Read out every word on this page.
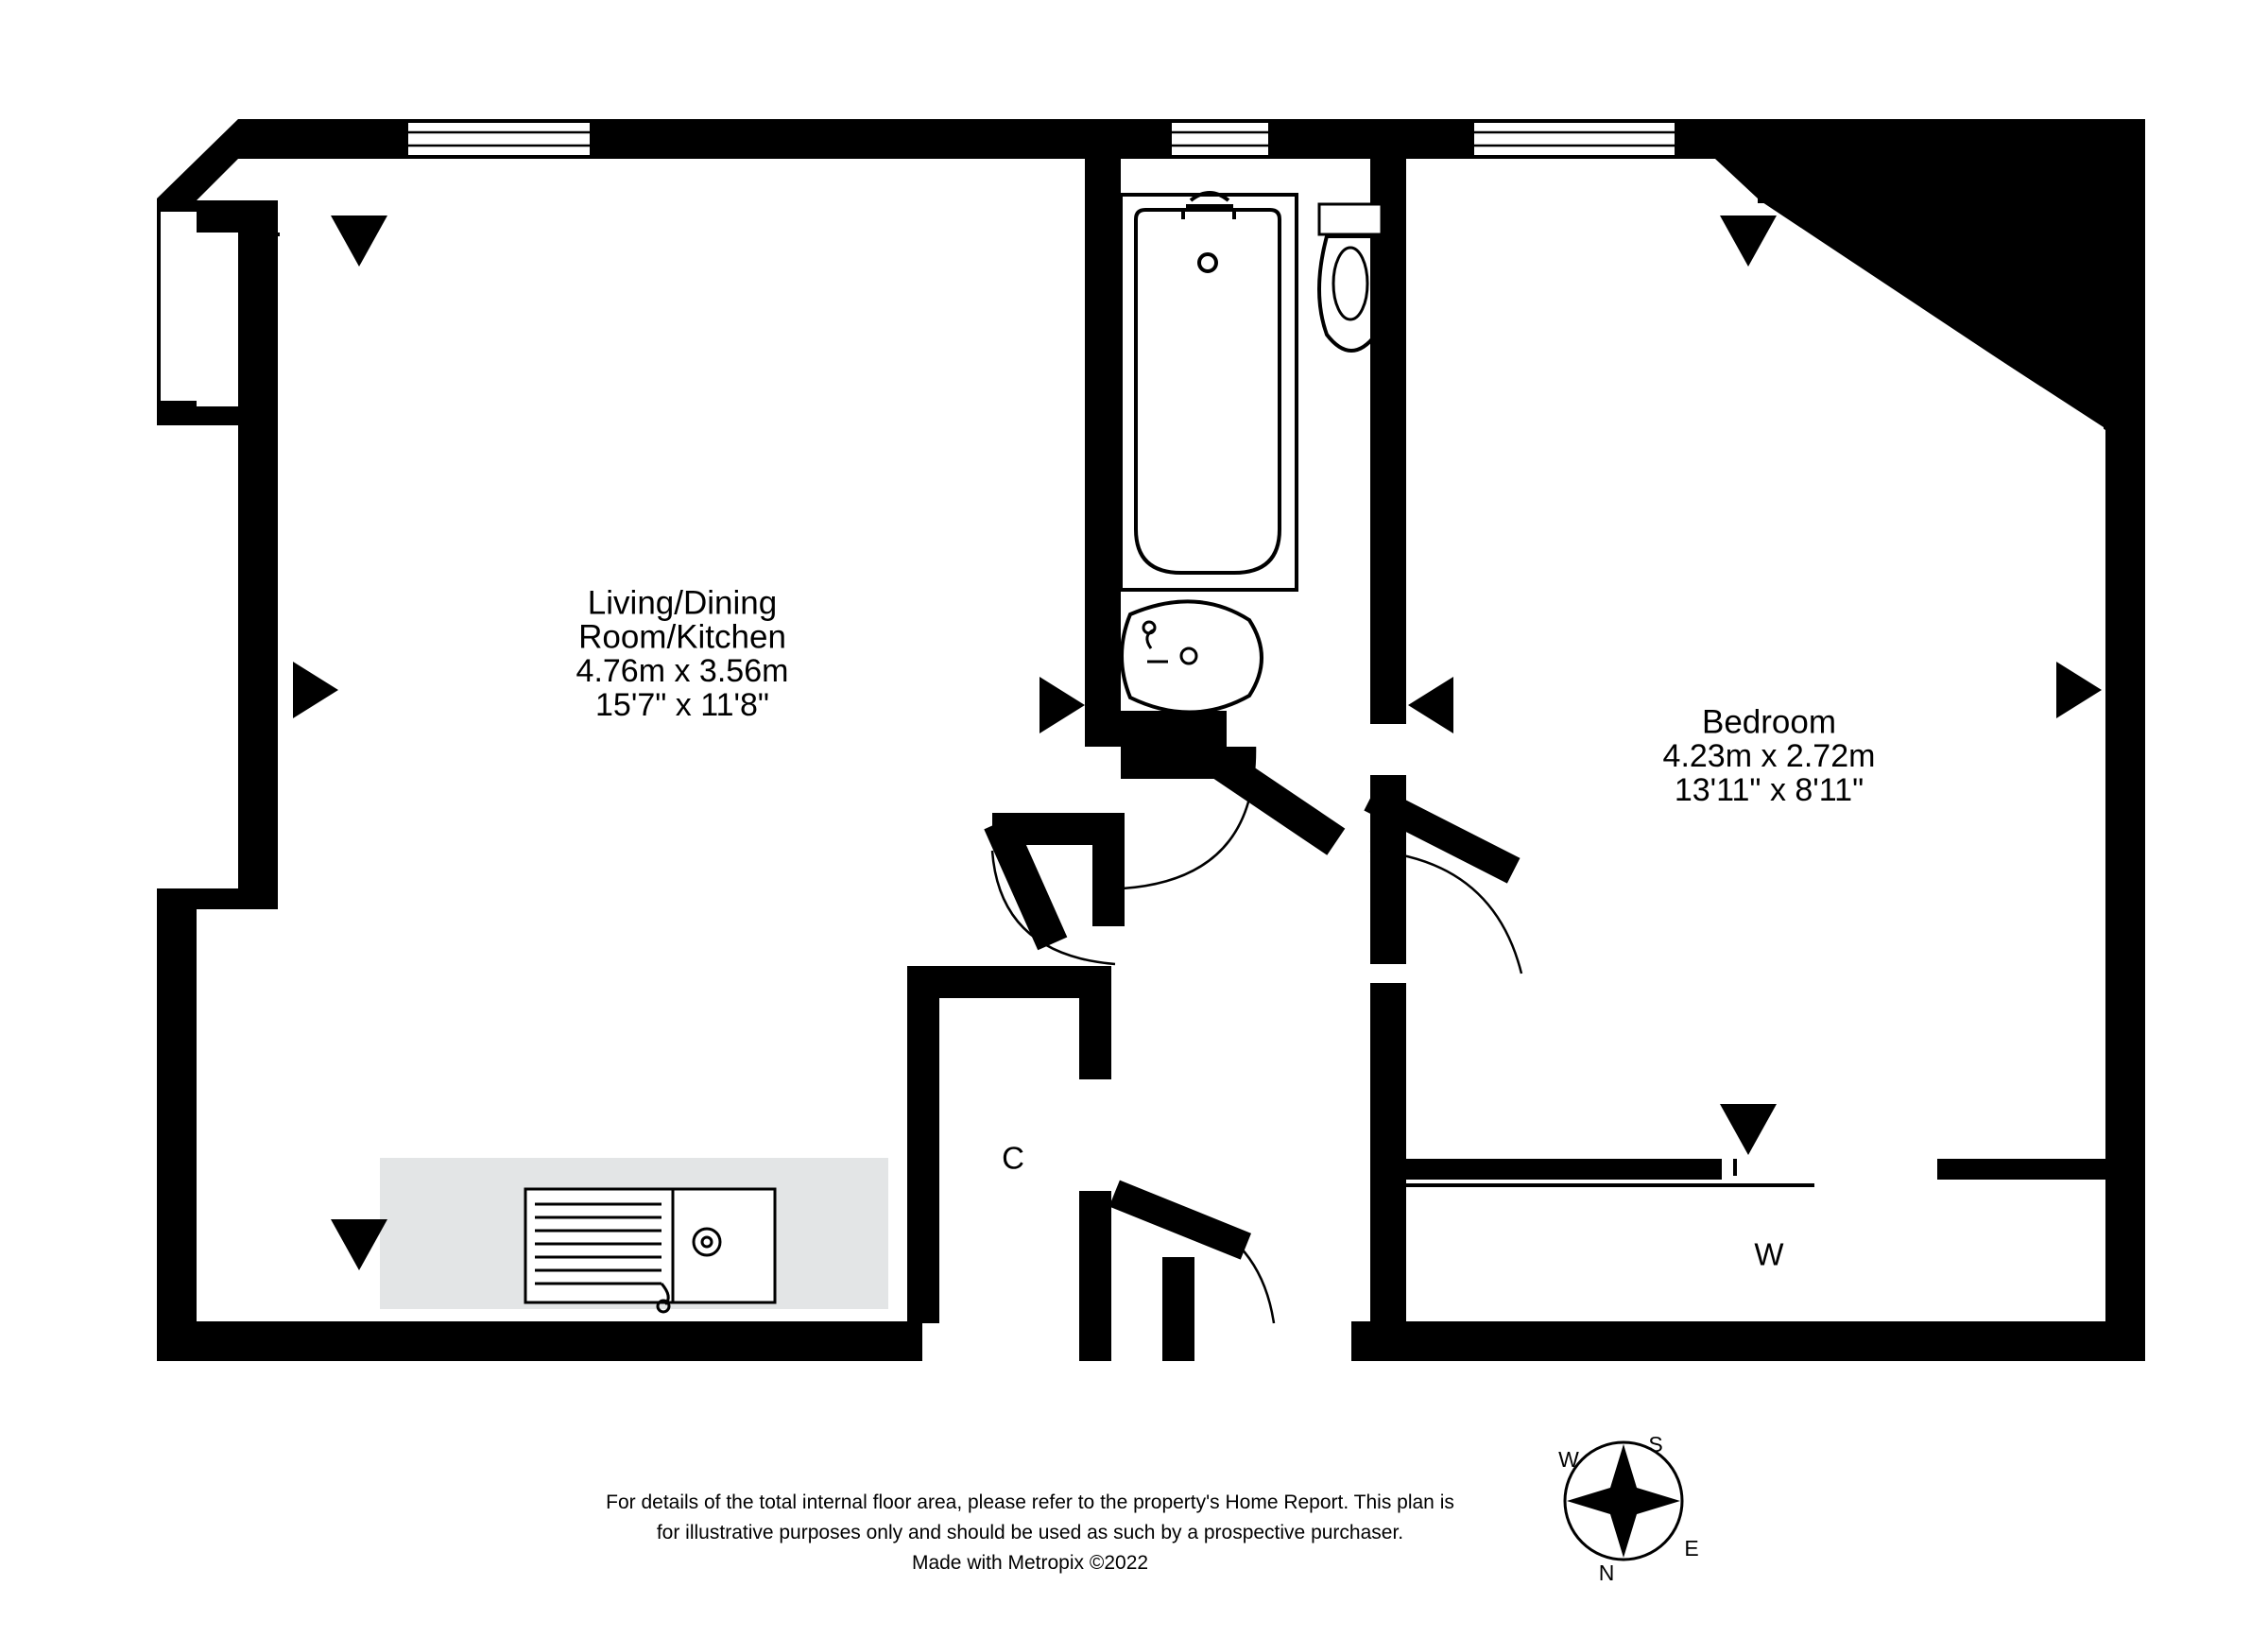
Living/Dining
Room/Kitchen
4.76m x 3.56m
15'7" x 11'8"	Bedroom
4.23m x 2.72m
13'11" x 8'11"
C
W
S
E
N
W
For details of the total internal floor area, please refer to the property's Home Report. This plan is
for illustrative purposes only and should be used as such by a prospective purchaser.
Made with Metropix ©2022
